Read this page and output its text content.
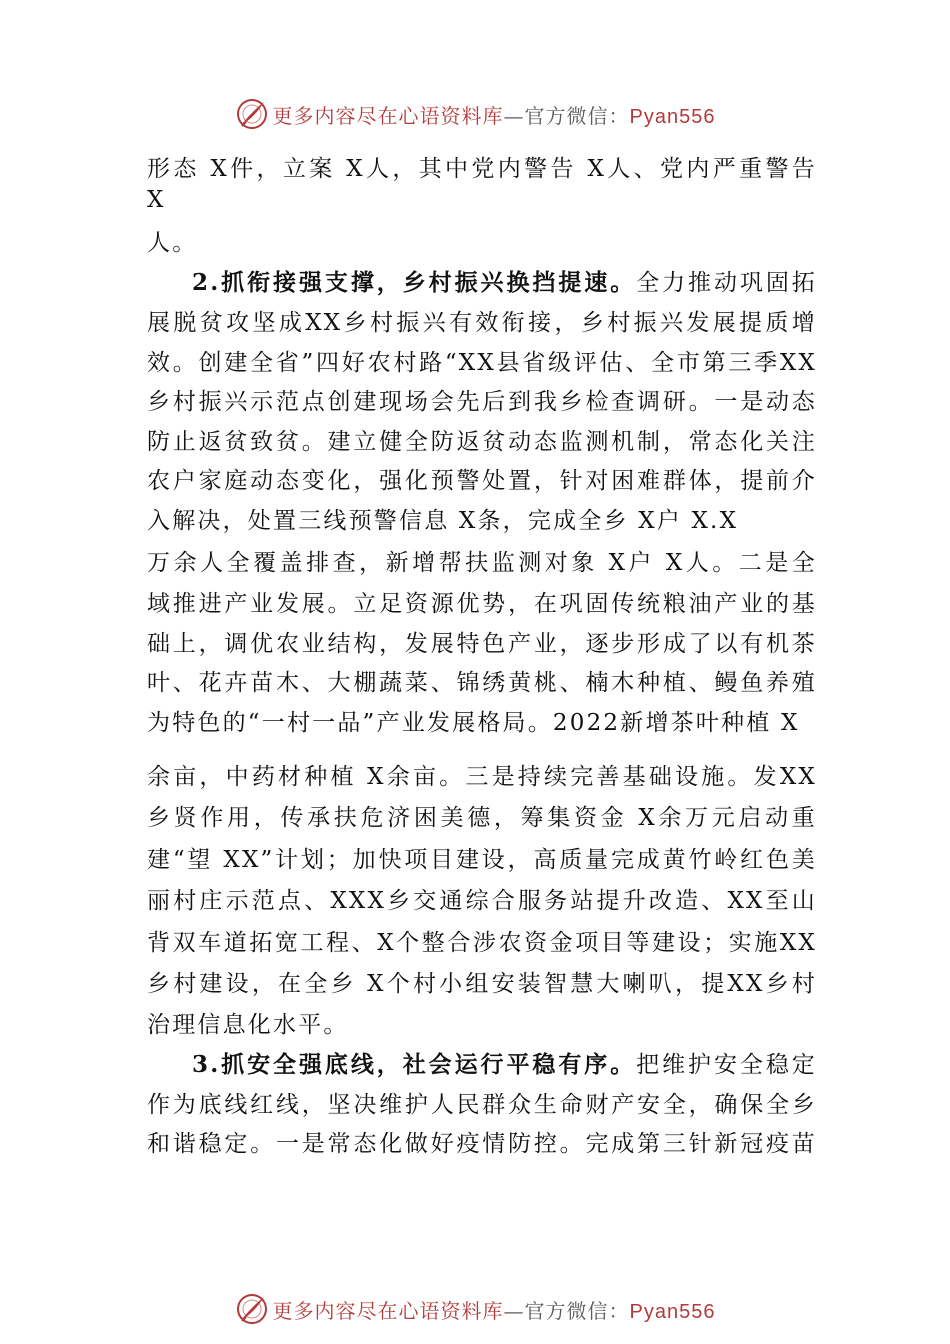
更多内容尽在心语资料库—官方微信：Pyan556
形态 X件，立案 X人，其中党内警告 X人、党内严重警告
X
人。
2.抓衔接强支撑，乡村振兴换挡提速。全力推动巩固拓
展脱贫攻坚成XX乡村振兴有效衔接，乡村振兴发展提质增
效。创建全省”四好农村路“XX县省级评估、全市第三季XX
乡村振兴示范点创建现场会先后到我乡检查调研。一是动态
防止返贫致贫。建立健全防返贫动态监测机制，常态化关注
农户家庭动态变化，强化预警处置，针对困难群体，提前介
入解决，处置三线预警信息 X条，完成全乡 X户 X.X
万余人全覆盖排查，新增帮扶监测对象 X户 X人。二是全
域推进产业发展。立足资源优势，在巩固传统粮油产业的基
础上，调优农业结构，发展特色产业，逐步形成了以有机茶
叶、花卉苗木、大棚蔬菜、锦绣黄桃、楠木种植、鳗鱼养殖
为特色的“一村一品”产业发展格局。2022新增茶叶种植 X
余亩，中药材种植 X余亩。三是持续完善基础设施。发XX
乡贤作用，传承扶危济困美德，筹集资金 X余万元启动重
建“望 XX”计划；加快项目建设，高质量完成黄竹岭红色美
丽村庄示范点、XXX乡交通综合服务站提升改造、XX至山
背双车道拓宽工程、X个整合涉农资金项目等建设；实施XX
乡村建设，在全乡 X个村小组安装智慧大喇叭，提XX乡村
治理信息化水平。
3.抓安全强底线，社会运行平稳有序。把维护安全稳定
作为底线红线，坚决维护人民群众生命财产安全，确保全乡
和谐稳定。一是常态化做好疫情防控。完成第三针新冠疫苗
更多内容尽在心语资料库—官方微信：Pyan556
